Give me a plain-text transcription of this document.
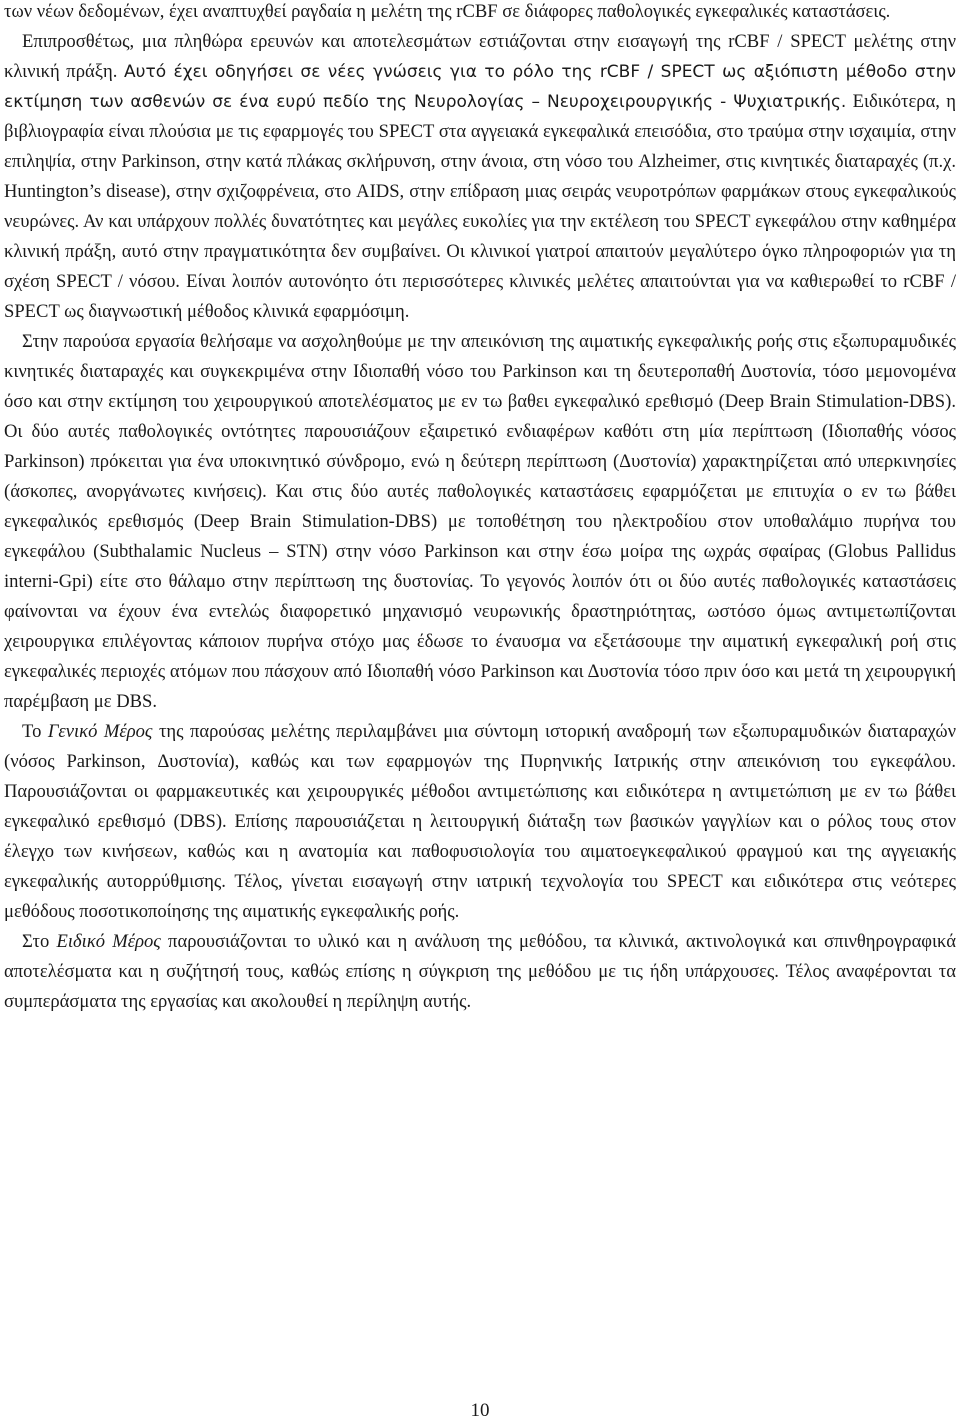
των νέων δεδομένων, έχει αναπτυχθεί ραγδαία η μελέτη της rCBF σε διάφορες παθολογικές εγκεφαλικές καταστάσεις.

Επιπροσθέτως, μια πληθώρα ερευνών και αποτελεσμάτων εστιάζονται στην εισαγωγή της rCBF / SPECT μελέτης στην κλινική πράξη. Αυτό έχει οδηγήσει σε νέες γνώσεις για το ρόλο της rCBF / SPECT ως αξιόπιστη μέθοδο στην εκτίμηση των ασθενών σε ένα ευρύ πεδίο της Νευρολογίας – Νευροχειρουργικής - Ψυχιατρικής. Ειδικότερα, η βιβλιογραφία είναι πλούσια με τις εφαρμογές του SPECT στα αγγειακά εγκεφαλικά επεισόδια, στο τραύμα στην ισχαιμία, στην επιληψία, στην Parkinson, στην κατά πλάκας σκλήρυνση, στην άνοια, στη νόσο του Alzheimer, στις κινητικές διαταραχές (π.χ. Huntington’s disease), στην σχιζοφρένεια, στο AIDS, στην επίδραση μιας σειράς νευροτρόπων φαρμάκων στους εγκεφαλικούς νευρώνες. Αν και υπάρχουν πολλές δυνατότητες και μεγάλες ευκολίες για την εκτέλεση του SPECT εγκεφάλου στην καθημέρα κλινική πράξη, αυτό στην πραγματικότητα δεν συμβαίνει. Οι κλινικοί γιατροί απαιτούν μεγαλύτερο όγκο πληροφοριών για τη σχέση SPECT / νόσου. Είναι λοιπόν αυτονόητο ότι περισσότερες κλινικές μελέτες απαιτούνται για να καθιερωθεί το rCBF / SPECT ως διαγνωστική μέθοδος κλινικά εφαρμόσιμη.

Στην παρούσα εργασία θελήσαμε να ασχοληθούμε με την απεικόνιση της αιματικής εγκεφαλικής ροής στις εξωπυραμυδικές κινητικές διαταραχές και συγκεκριμένα στην Ιδιοπαθή νόσο του Parkinson και τη δευτεροπαθή Δυστονία, τόσο μεμονομένα όσο και στην εκτίμηση του χειρουργικού αποτελέσματος με εν τω βαθει εγκεφαλικό ερεθισμό (Deep Brain Stimulation-DBS). Οι δύο αυτές παθολογικές οντότητες παρουσιάζουν εξαιρετικό ενδιαφέρων καθότι στη μία περίπτωση (Ιδιοπαθής νόσος Parkinson) πρόκειται για ένα υποκινητικό σύνδρομο, ενώ η δεύτερη περίπτωση (Δυστονία) χαρακτηρίζεται από υπερκινησίες (άσκοπες, ανοργάνωτες κινήσεις). Και στις δύο αυτές παθολογικές καταστάσεις εφαρμόζεται με επιτυχία ο εν τω βάθει εγκεφαλικός ερεθισμός (Deep Brain Stimulation-DBS) με τοποθέτηση του ηλεκτροδίου στον υποθαλάμιο πυρήνα του εγκεφάλου (Subthalamic Nucleus – STN) στην νόσο Parkinson και στην έσω μοίρα της ωχράς σφαίρας (Globus Pallidus interni-Gpi) είτε στο θάλαμο στην περίπτωση της δυστονίας. Το γεγονός λοιπόν ότι οι δύο αυτές παθολογικές καταστάσεις φαίνονται να έχουν ένα εντελώς διαφορετικό μηχανισμό νευρωνικής δραστηριότητας, ωστόσο όμως αντιμετωπίζονται χειρουργικα επιλέγοντας κάποιον πυρήνα στόχο μας έδωσε το έναυσμα να εξετάσουμε την αιματική εγκεφαλική ροή στις εγκεφαλικές περιοχές ατόμων που πάσχουν από Ιδιοπαθή νόσο Parkinson και Δυστονία τόσο πριν όσο και μετά τη χειρουργική παρέμβαση με DBS.

Το Γενικό Μέρος της παρούσας μελέτης περιλαμβάνει μια σύντομη ιστορική αναδρομή των εξωπυραμυδικών διαταραχών (νόσος Parkinson, Δυστονία), καθώς και των εφαρμογών της Πυρηνικής Ιατρικής στην απεικόνιση του εγκεφάλου. Παρουσιάζονται οι φαρμακευτικές και χειρουργικές μέθοδοι αντιμετώπισης και ειδικότερα η αντιμετώπιση με εν τω βάθει εγκεφαλικό ερεθισμό (DBS). Επίσης παρουσιάζεται η λειτουργική διάταξη των βασικών γαγγλίων και ο ρόλος τους στον έλεγχο των κινήσεων, καθώς και η ανατομία και παθοφυσιολογία του αιματοεγκεφαλικού φραγμού και της αγγειακής εγκεφαλικής αυτορρύθμισης. Τέλος, γίνεται εισαγωγή στην ιατρική τεχνολογία του SPECT και ειδικότερα στις νεότερες μεθόδους ποσοτικοποίησης της αιματικής εγκεφαλικής ροής.

Στο Ειδικό Μέρος παρουσιάζονται το υλικό και η ανάλυση της μεθόδου, τα κλινικά, ακτινολογικά και σπινθηρογραφικά αποτελέσματα και η συζήτησή τους, καθώς επίσης η σύγκριση της μεθόδου με τις ήδη υπάρχουσες. Τέλος αναφέρονται τα συμπεράσματα της εργασίας και ακολουθεί η περίληψη αυτής.

10
